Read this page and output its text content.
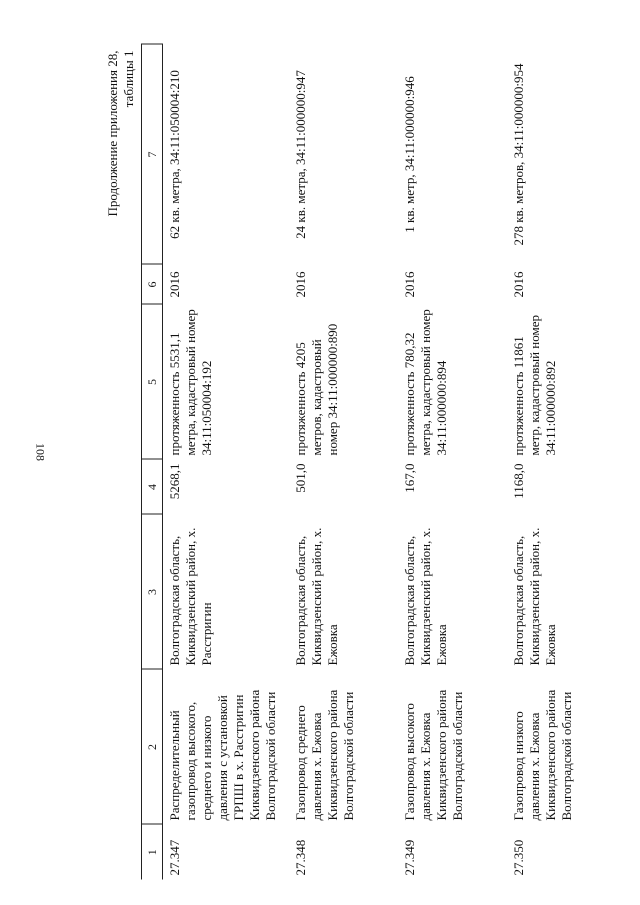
108
Продолжение приложения 28, таблицы 1
1	2	3	4	5	6	7
27.347	Распределительный газопровод высокого, среднего и низкого давления с установкой ГРПШ в х. Расстригин Киквидзенского района Волгоградской области	Волгоградская область, Киквидзенский район, х. Расстригин	5268,1	протяженность 5531,1 метра, кадастровый номер 34:11:050004:192	2016	62 кв. метра, 34:11:050004:210
27.348	Газопровод среднего давления х. Ежовка Киквидзенского района Волгоградской области	Волгоградская область, Киквидзенский район, х. Ежовка	501,0	протяженность 4205 метров, кадастровый номер 34:11:000000:890	2016	24 кв. метра, 34:11:000000:947
27.349	Газопровод высокого давления х. Ежовка Киквидзенского района Волгоградской области	Волгоградская область, Киквидзенский район, х. Ежовка	167,0	протяженность 780,32 метра, кадастровый номер 34:11:000000:894	2016	1 кв. метр, 34:11:000000:946
27.350	Газопровод низкого давления х. Ежовка Киквидзенского района Волгоградской области	Волгоградская область, Киквидзенский район, х. Ежовка	1168,0	протяженность 11861 метр, кадастровый номер 34:11:000000:892	2016	278 кв. метров, 34:11:000000:954
